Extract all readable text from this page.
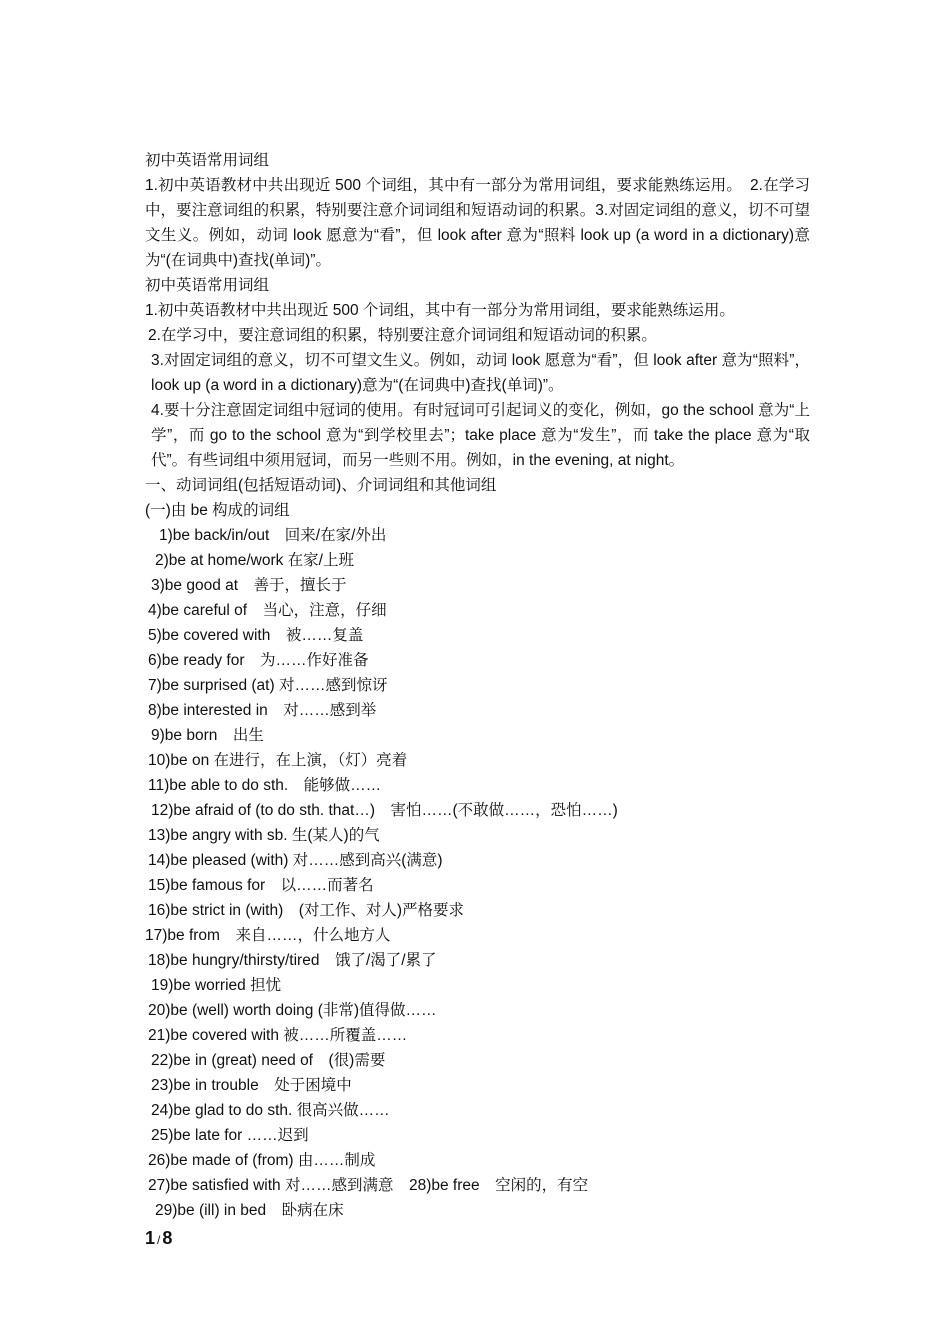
初中英语常用词组

1.初中英语教材中共出现近 500 个词组，其中有一部分为常用词组，要求能熟练运用。　2.在学习中，要注意词组的积累，特别要注意介词词组和短语动词的积累。3.对固定词组的意义，切不可望文生义。例如，动词 look 愿意为“看”，但 look after 意为“照料 look up (a word in a dictionary)意为“(在词典中)查找(单词)”。

初中英语常用词组

1.初中英语教材中共出现近 500 个词组，其中有一部分为常用词组，要求能熟练运用。

2.在学习中，要注意词组的积累，特别要注意介词词组和短语动词的积累。

3.对固定词组的意义，切不可望文生义。例如，动词 look 愿意为“看”，但 look after 意为“照料”，look up (a word in a dictionary)意为“(在词典中)查找(单词)”。

4.要十分注意固定词组中冠词的使用。有时冠词可引起词义的变化，例如，go the school 意为“上学”，而 go to the school 意为“到学校里去”；take place 意为“发生”，而 take the place 意为“取代”。有些词组中须用冠词，而另一些则不用。例如，in the evening, at night。

一、动词词组(包括短语动词)、介词词组和其他词组

(一)由 be 构成的词组

1)be back/in/out　回来/在家/外出

2)be at home/work 在家/上班

3)be good at　善于，擅长于

4)be careful of　当心，注意，仔细

5)be covered with　被……复盖

6)be ready for　为……作好准备

7)be surprised (at) 对……感到惊讶

8)be interested in　对……感到举

9)be born　出生

10)be on 在进行，在上演，（灯）亮着

11)be able to do sth.　能够做……

12)be afraid of (to do sth. that…)　害怕……(不敢做……，恐怕……)

13)be angry with sb. 生(某人)的气

14)be pleased (with) 对……感到高兴(满意)

15)be famous for　以……而著名

16)be strict in (with)　(对工作、对人)严格要求

17)be from　来自……，什么地方人

18)be hungry/thirsty/tired　饿了/渴了/累了

19)be worried 担忧

20)be (well) worth doing (非常)值得做……

21)be covered with 被……所覆盖……

22)be in (great) need of　(很)需要

23)be in trouble　处于困境中

24)be glad to do sth. 很高兴做……

25)be late for ……迟到

26)be made of (from) 由……制成

27)be satisfied with 对……感到满意　28)be free　空闲的，有空

29)be (ill) in bed　卧病在床

1 / 8
